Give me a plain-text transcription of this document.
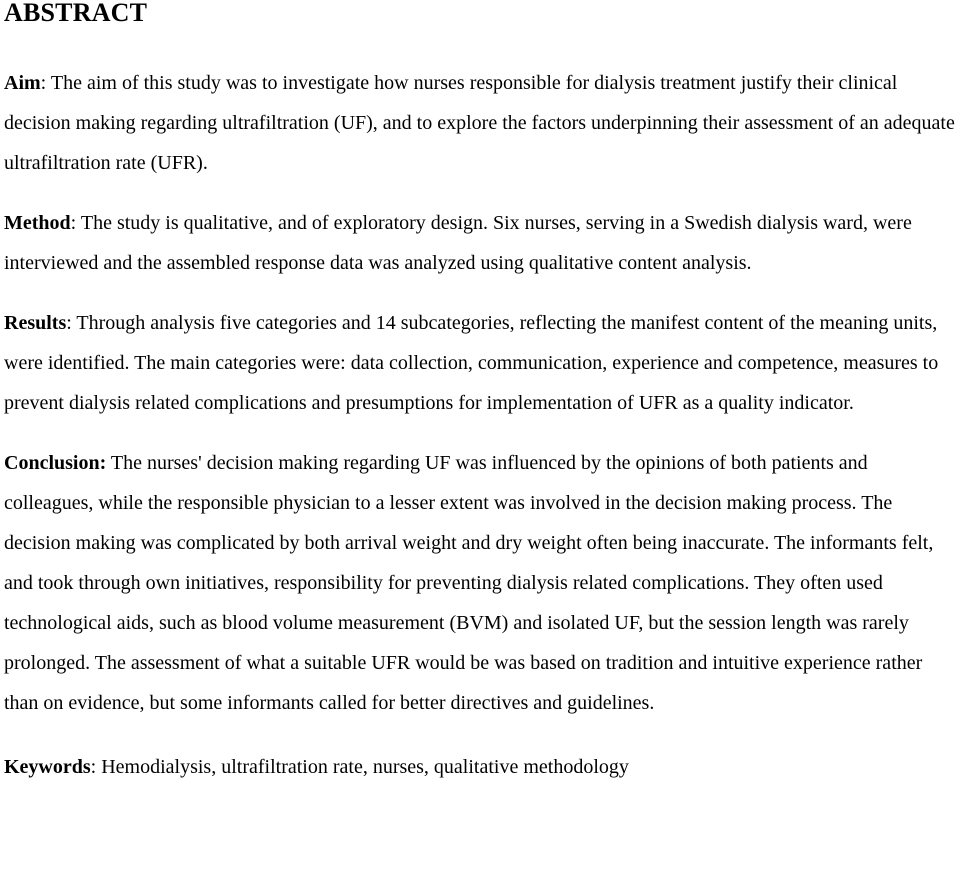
ABSTRACT

Aim: The aim of this study was to investigate how nurses responsible for dialysis treatment justify their clinical decision making regarding ultrafiltration (UF), and to explore the factors underpinning their assessment of an adequate ultrafiltration rate (UFR).

Method: The study is qualitative, and of exploratory design. Six nurses, serving in a Swedish dialysis ward, were interviewed and the assembled response data was analyzed using qualitative content analysis.

Results: Through analysis five categories and 14 subcategories, reflecting the manifest content of the meaning units, were identified. The main categories were: data collection, communication, experience and competence, measures to prevent dialysis related complications and presumptions for implementation of UFR as a quality indicator.

Conclusion: The nurses' decision making regarding UF was influenced by the opinions of both patients and colleagues, while the responsible physician to a lesser extent was involved in the decision making process. The decision making was complicated by both arrival weight and dry weight often being inaccurate. The informants felt, and took through own initiatives, responsibility for preventing dialysis related complications. They often used technological aids, such as blood volume measurement (BVM) and isolated UF, but the session length was rarely prolonged. The assessment of what a suitable UFR would be was based on tradition and intuitive experience rather than on evidence, but some informants called for better directives and guidelines.

Keywords: Hemodialysis, ultrafiltration rate, nurses, qualitative methodology
